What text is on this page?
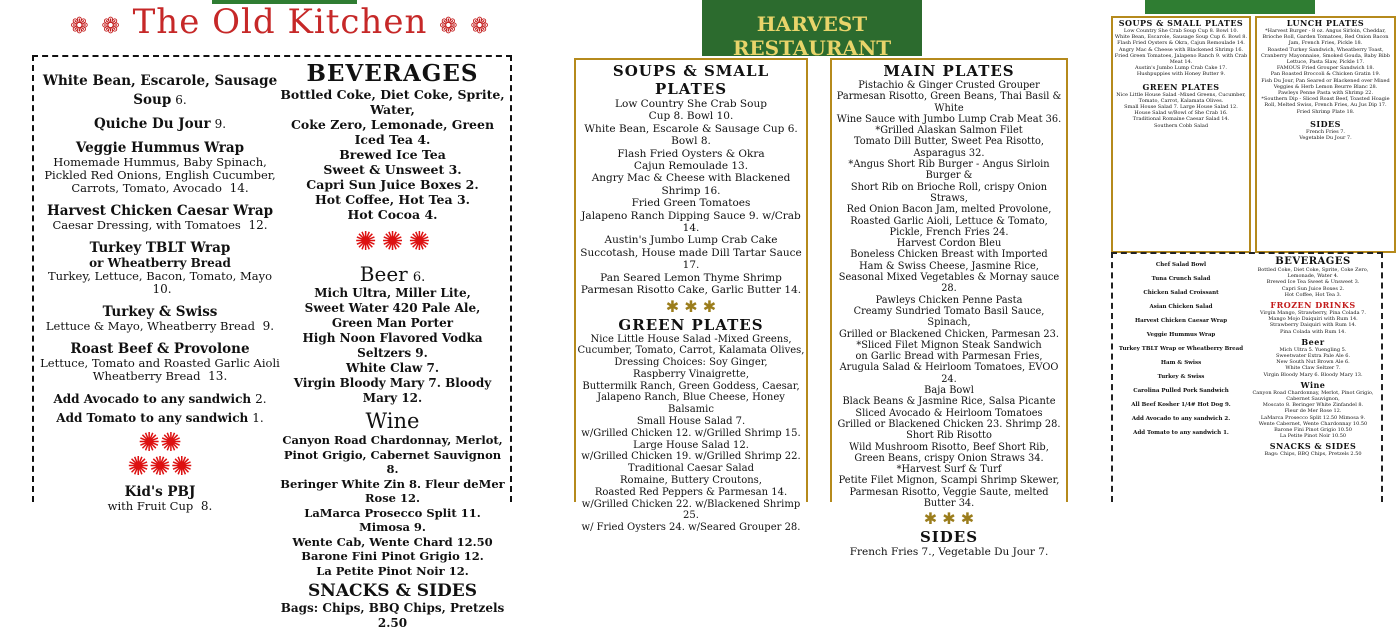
❁ ❁ The Old Kitchen ❁ ❁
White Bean, Escarole, Sausage Soup 6.
Quiche Du Jour 9.
Veggie Hummus Wrap
Homemade Hummus, Baby Spinach, Pickled Red Onions, English Cucumber, Carrots, Tomato, Avocado 14.
Harvest Chicken Caesar Wrap
Caesar Dressing, with Tomatoes 12.
Turkey TBLT Wrap
or Wheatberry Bread
Turkey, Lettuce, Bacon, Tomato, Mayo 10.
Turkey & Swiss
Lettuce & Mayo, Wheatberry Bread 9.
Roast Beef & Provolone
Lettuce, Tomato and Roasted Garlic Aioli Wheatberry Bread 13.
Add Avocado to any sandwich 2.
Add Tomato to any sandwich 1.
✺✺
✺✺✺
Kid's PBJ
with Fruit Cup 8.
BEVERAGES
Bottled Coke, Diet Coke, Sprite, Water,
Coke Zero, Lemonade, Green Iced Tea 4.
Brewed Ice Tea
Sweet & Unsweet 3.
Capri Sun Juice Boxes 2.
Hot Coffee, Hot Tea 3.
Hot Cocoa 4.
✺ ✺ ✺
Beer 6.
Mich Ultra, Miller Lite,
Sweet Water 420 Pale Ale,
Green Man Porter
High Noon Flavored Vodka Seltzers 9.
White Claw 7.
Virgin Bloody Mary 7. Bloody Mary 12.
Wine
Canyon Road Chardonnay, Merlot,
Pinot Grigio, Cabernet Sauvignon 8.
Beringer White Zin 8. Fleur deMer Rose 12.
LaMarca Prosecco Split 11. Mimosa 9.
Wente Cab, Wente Chard 12.50
Barone Fini Pinot Grigio 12.
La Petite Pinot Noir 12.
SNACKS & SIDES
Bags: Chips, BBQ Chips, Pretzels 2.50
HARVEST RESTAURANT
SOUPS & SMALL PLATES
Low Country She Crab Soup
Cup 8. Bowl 10.
White Bean, Escarole & Sausage Cup 6. Bowl 8.
Flash Fried Oysters & Okra
Cajun Remoulade 13.
Angry Mac & Cheese with Blackened Shrimp 16.
Fried Green Tomatoes
Jalapeno Ranch Dipping Sauce 9. w/Crab 14.
Austin's Jumbo Lump Crab Cake
Succotash, House made Dill Tartar Sauce 17.
Pan Seared Lemon Thyme Shrimp
Parmesan Risotto Cake, Garlic Butter 14.
✱ ✱ ✱
GREEN PLATES
Nice Little House Salad -Mixed Greens,
Cucumber, Tomato, Carrot, Kalamata Olives,
Dressing Choices: Soy Ginger,
Raspberry Vinaigrette,
Buttermilk Ranch, Green Goddess, Caesar,
Jalapeno Ranch, Blue Cheese, Honey Balsamic
Small House Salad 7.
w/Grilled Chicken 12. w/Grilled Shrimp 15.
Large House Salad 12.
w/Grilled Chicken 19. w/Grilled Shrimp 22.
Traditional Caesar Salad
Romaine, Buttery Croutons,
Roasted Red Peppers & Parmesan 14.
w/Grilled Chicken 22. w/Blackened Shrimp 25.
w/ Fried Oysters 24. w/Seared Grouper 28.
MAIN PLATES
Pistachio & Ginger Crusted Grouper
Parmesan Risotto, Green Beans, Thai Basil & White
Wine Sauce with Jumbo Lump Crab Meat 36.
*Grilled Alaskan Salmon Filet
Tomato Dill Butter, Sweet Pea Risotto, Asparagus 32.
*Angus Short Rib Burger - Angus Sirloin Burger &
Short Rib on Brioche Roll, crispy Onion Straws,
Red Onion Bacon Jam, melted Provolone,
Roasted Garlic Aioli, Lettuce & Tomato,
Pickle, French Fries 24.
Harvest Cordon Bleu
Boneless Chicken Breast with Imported
Ham & Swiss Cheese, Jasmine Rice,
Seasonal Mixed Vegetables & Mornay sauce 28.
Pawleys Chicken Penne Pasta
Creamy Sundried Tomato Basil Sauce, Spinach,
Grilled or Blackened Chicken, Parmesan 23.
*Sliced Filet Mignon Steak Sandwich
on Garlic Bread with Parmesan Fries,
Arugula Salad & Heirloom Tomatoes, EVOO 24.
Baja Bowl
Black Beans & Jasmine Rice, Salsa Picante
Sliced Avocado & Heirloom Tomatoes
Grilled or Blackened Chicken 23. Shrimp 28.
Short Rib Risotto
Wild Mushroom Risotto, Beef Short Rib,
Green Beans, crispy Onion Straws 34.
*Harvest Surf & Turf
Petite Filet Mignon, Scampi Shrimp Skewer,
Parmesan Risotto, Veggie Saute, melted Butter 34.
✱ ✱ ✱
SIDES
French Fries 7., Vegetable Du Jour 7.
SOUPS & SMALL PLATES
Low Country She Crab Soup Cup 8. Bowl 10.
White Bean, Escarole, Sausage Soup Cup 6. Bowl 8.
Flash Fried Oysters & Okra, Cajun Remoulade 14.
Angry Mac & Cheese with Blackened Shrimp 16.
Fried Green Tomatoes, Jalapeno Ranch 9. with Crab Meat 14.
Austin's Jumbo Lump Crab Cake 17.
Hushpuppies with Honey Butter 9.
GREEN PLATES
Nice Little House Salad -Mixed Greens, Cucumber, Tomato, Carrot, Kalamata Olives.
Small House Salad 7. Large House Salad 12.
House Salad w/Bowl of She Crab 16.
Traditional Romaine Caesar Salad 14.
Southern Cobb Salad
LUNCH PLATES
*Harvest Burger - 8 oz. Angus Sirloin, Cheddar, Brioche Roll, Garden Tomatoes, Red Onion Bacon Jam, French Fries, Pickle 18.
Roasted Turkey Sandwich, Wheatberry Toast, Cranberry Mayonnaise, Smoked Gouda, Baby Bibb Lettuce, Pasta Slaw, Pickle 17.
FAMOUS Fried Grouper Sandwich 18.
Pan Roasted Broccoli & Chicken Gratin 19.
Fish Du Jour, Pan Seared or Blackened over Mixed Veggies & Herb Lemon Beurre Blanc 28.
Pawleys Penne Pasta with Shrimp 22.
*Southern Dip - Sliced Roast Beef, Toasted Hoagie Roll, Melted Swiss, French Fries, Au Jus Dip 17.
Fried Shrimp Plate 18.
SIDES
French Fries 7.
Vegetable Du Jour 7.
Chef Salad Bowl
Tuna Crunch Salad
Chicken Salad Croissant
Asian Chicken Salad
Harvest Chicken Caesar Wrap
Veggie Hummus Wrap
Turkey TBLT Wrap or Wheatberry Bread
Ham & Swiss
Turkey & Swiss
Carolina Pulled Pork Sandwich
All Beef Kosher 1/4# Hot Dog 9.
Add Avocado to any sandwich 2.
Add Tomato to any sandwich 1.
BEVERAGES
Bottled Coke, Diet Coke, Sprite, Coke Zero, Lemonade, Water 4.
Brewed Ice Tea Sweet & Unsweet 3.
Capri Sun Juice Boxes 2.
Hot Coffee, Hot Tea 3.
FROZEN DRINKS
Virgin Mango, Strawberry, Pina Colada 7.
Mango Mojo Daiquiri with Rum 14.
Strawberry Daiquiri with Rum 14.
Pina Colada with Rum 14.
Beer
Mich Ultra 5. Yuengling 5.
Sweetwater Extra Pale Ale 6.
New South Nut Brown Ale 6.
White Claw Seltzer 7.
Virgin Bloody Mary 6. Bloody Mary 13.
Wine
Canyon Road Chardonnay, Merlot, Pinot Grigio, Cabernet Sauvignon,
Moscato 8. Beringer White Zinfandel 8.
Fleur de Mer Rose 12.
LaMarca Prosecco Split 12.50 Mimosa 9.
Wente Cabernet, Wente Chardonnay 10.50
Barone Fini Pinot Grigio 10.50
La Petite Pinot Noir 10.50
SNACKS & SIDES
Bags: Chips, BBQ Chips, Pretzels 2.50
